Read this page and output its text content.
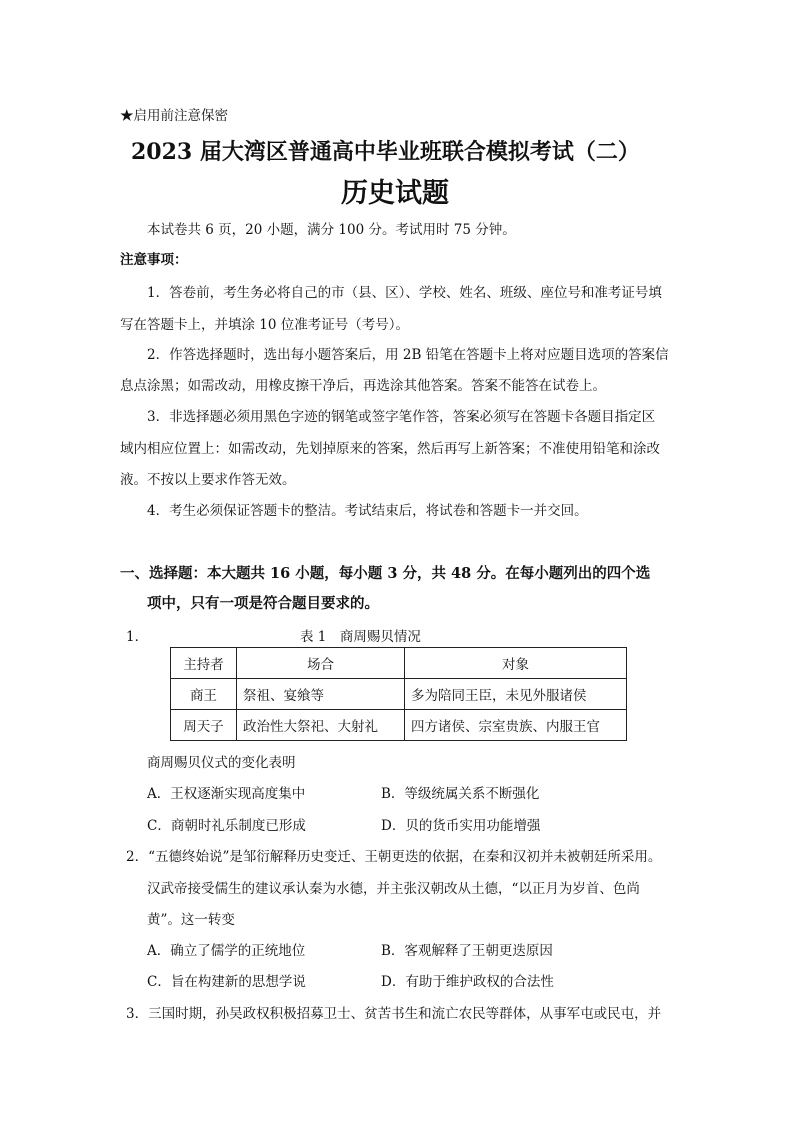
★启用前注意保密
2023 届大湾区普通高中毕业班联合模拟考试（二）
历史试题
本试卷共 6 页，20 小题，满分 100 分。考试用时 75 分钟。
注意事项：
1．答卷前，考生务必将自己的市（县、区）、学校、姓名、班级、座位号和准考证号填
写在答题卡上，并填涂 10 位准考证号（考号）。
2．作答选择题时，选出每小题答案后，用 2B 铅笔在答题卡上将对应题目选项的答案信
息点涂黑；如需改动，用橡皮擦干净后，再选涂其他答案。答案不能答在试卷上。
3．非选择题必须用黑色字迹的钢笔或签字笔作答，答案必须写在答题卡各题目指定区
域内相应位置上：如需改动，先划掉原来的答案，然后再写上新答案；不准使用铅笔和涂改
液。不按以上要求作答无效。
4．考生必须保证答题卡的整洁。考试结束后，将试卷和答题卡一并交回。
一、选择题：本大题共 16 小题，每小题 3 分，共 48 分。在每小题列出的四个选
项中，只有一项是符合题目要求的。
1．	表 1　商周赐贝情况
主持者	场合	对象
商王	祭祖、宴飨等	多为陪同王臣，未见外服诸侯
周天子	政治性大祭祀、大射礼	四方诸侯、宗室贵族、内服王官
商周赐贝仪式的变化表明
A．王权逐渐实现高度集中	B．等级统属关系不断强化
C．商朝时礼乐制度已形成	D．贝的货币实用功能增强
2．“五德终始说”是邹衍解释历史变迁、王朝更迭的依据，在秦和汉初并未被朝廷所采用。
汉武帝接受儒生的建议承认秦为水德，并主张汉朝改从土德，“以正月为岁首、色尚
黄”。这一转变
A．确立了儒学的正统地位	B．客观解释了王朝更迭原因
C．旨在构建新的思想学说	D．有助于维护政权的合法性
3．三国时期，孙吴政权积极招募卫士、贫苦书生和流亡农民等群体，从事军屯或民屯，并
